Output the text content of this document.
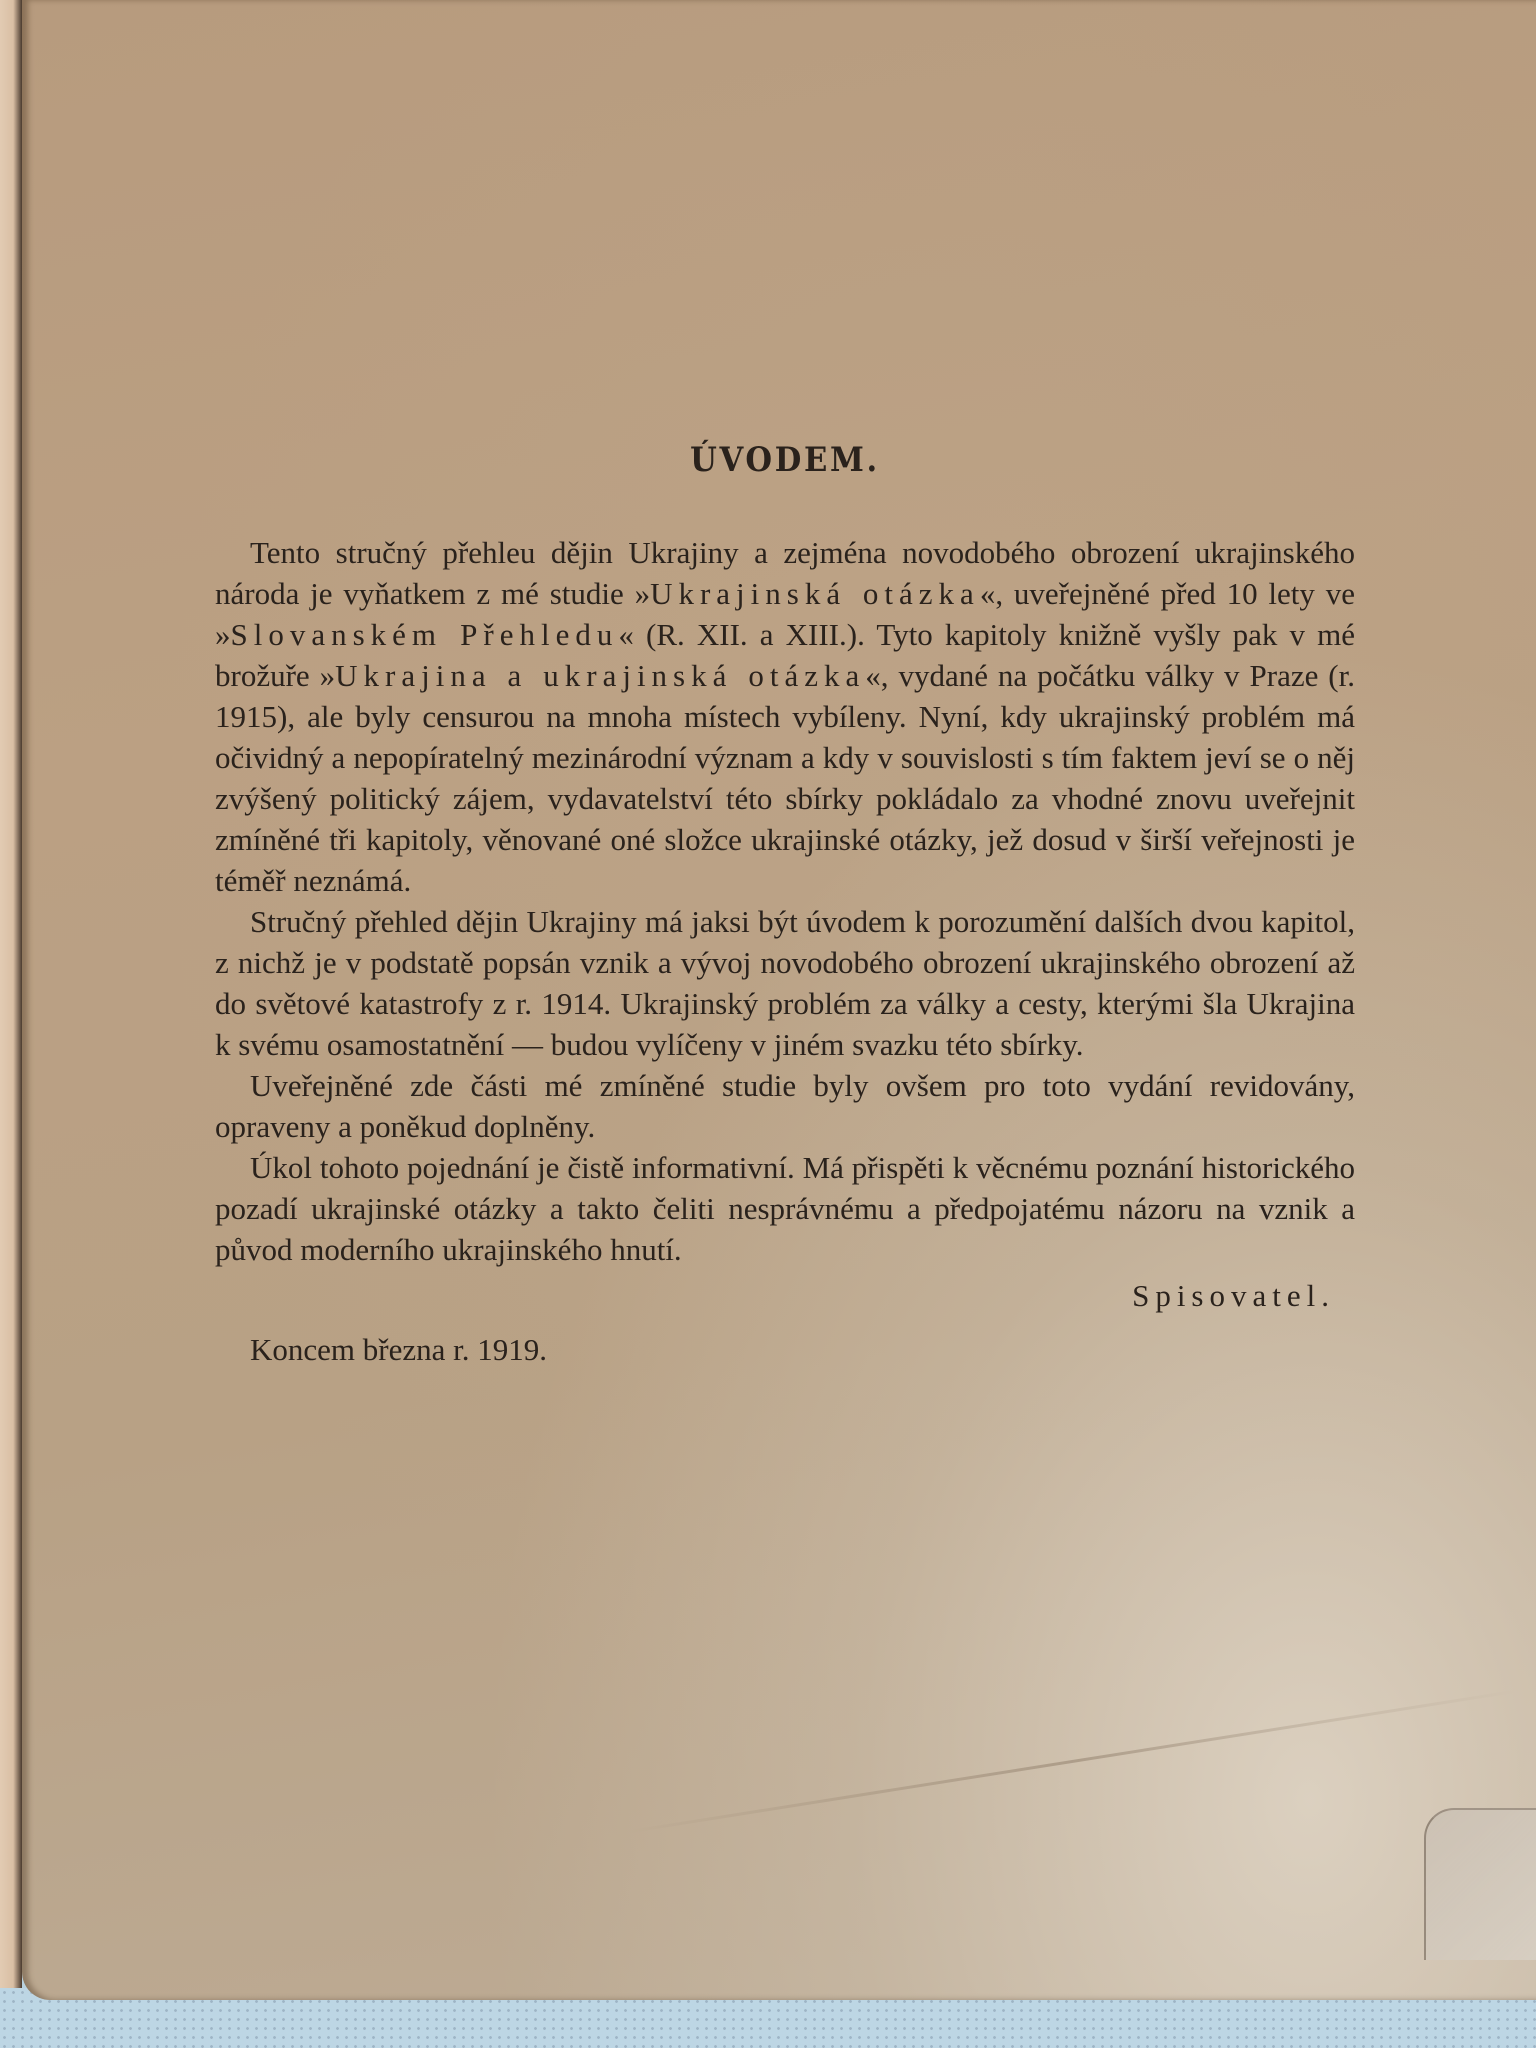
ÚVODEM.

Tento stručný přehleu dějin Ukrajiny a zejména novodobého obrození ukrajinského národa je vyňatkem z mé studie »Ukrajinská otázka«, uveřejněné před 10 lety ve »Slovanském Přehledu« (R. XII. a XIII.). Tyto kapitoly knižně vyšly pak v mé brožuře »Ukrajina a ukrajinská otázka«, vydané na počátku války v Praze (r. 1915), ale byly censurou na mnoha místech vybíleny. Nyní, kdy ukrajinský problém má očividný a nepopíratelný mezinárodní význam a kdy v souvislosti s tím faktem jeví se o něj zvýšený politický zájem, vydavatelství této sbírky pokládalo za vhodné znovu uveřejnit zmíněné tři kapitoly, věnované oné složce ukrajinské otázky, jež dosud v širší veřejnosti je téměř neznámá.

Stručný přehled dějin Ukrajiny má jaksi být úvodem k porozumění dalších dvou kapitol, z nichž je v podstatě popsán vznik a vývoj novodobého obrození ukrajinského obrození až do světové katastrofy z r. 1914. Ukrajinský problém za války a cesty, kterými šla Ukrajina k svému osamostatnění — budou vylíčeny v jiném svazku této sbírky.

Uveřejněné zde části mé zmíněné studie byly ovšem pro toto vydání revidovány, opraveny a poněkud doplněny.

Úkol tohoto pojednání je čistě informativní. Má přispěti k věcnému poznání historického pozadí ukrajinské otázky a takto čeliti nesprávnému a předpojatému názoru na vznik a původ moderního ukrajinského hnutí.

Spisovatel.
Koncem března r. 1919.
